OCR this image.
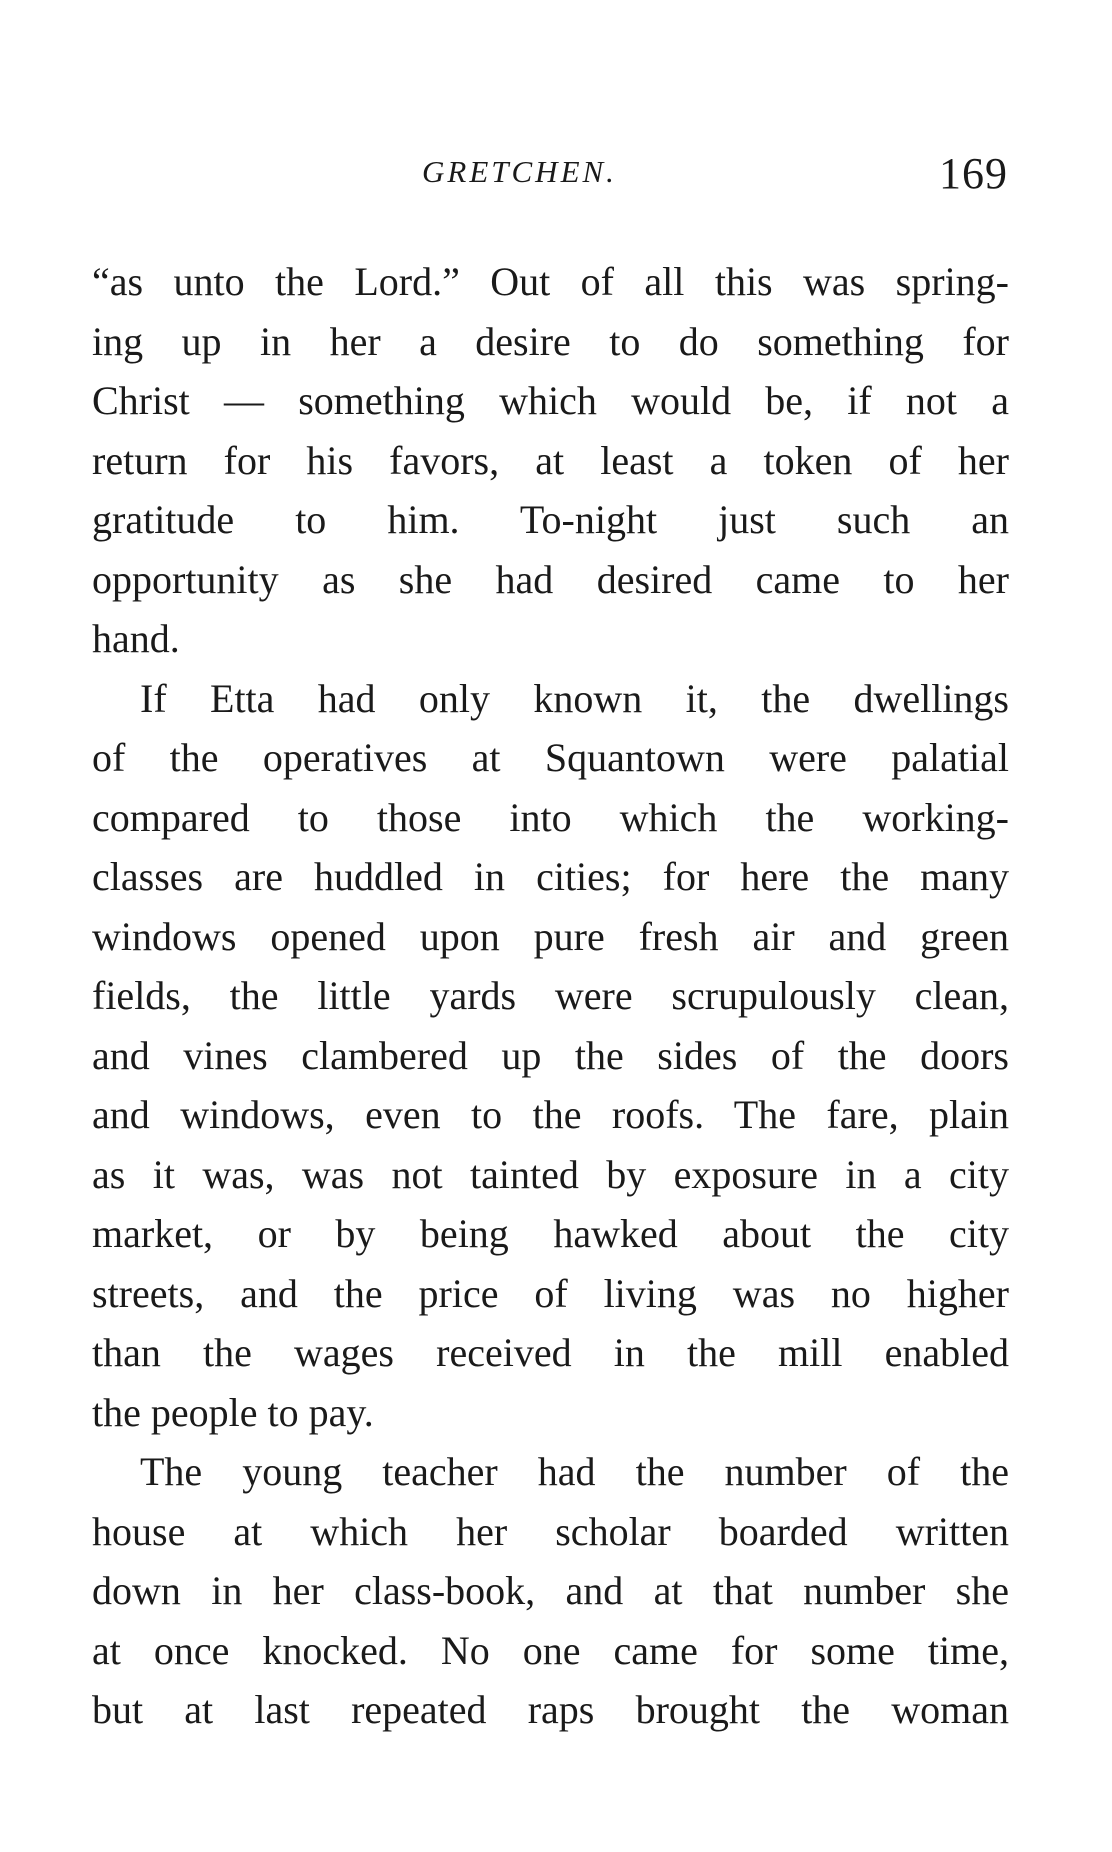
GRETCHEN.	169
“as unto the Lord.” Out of all this was spring-
ing up in her a desire to do something for
Christ — something which would be, if not a
return for his favors, at least a token of her
gratitude to him. To-night just such an
opportunity as she had desired came to her
hand.
If Etta had only known it, the dwellings
of the operatives at Squantown were palatial
compared to those into which the working-
classes are huddled in cities; for here the many
windows opened upon pure fresh air and green
fields, the little yards were scrupulously clean,
and vines clambered up the sides of the doors
and windows, even to the roofs. The fare, plain
as it was, was not tainted by exposure in a city
market, or by being hawked about the city
streets, and the price of living was no higher
than the wages received in the mill enabled
the people to pay.
The young teacher had the number of the
house at which her scholar boarded written
down in her class-book, and at that number she
at once knocked. No one came for some time,
but at last repeated raps brought the woman
